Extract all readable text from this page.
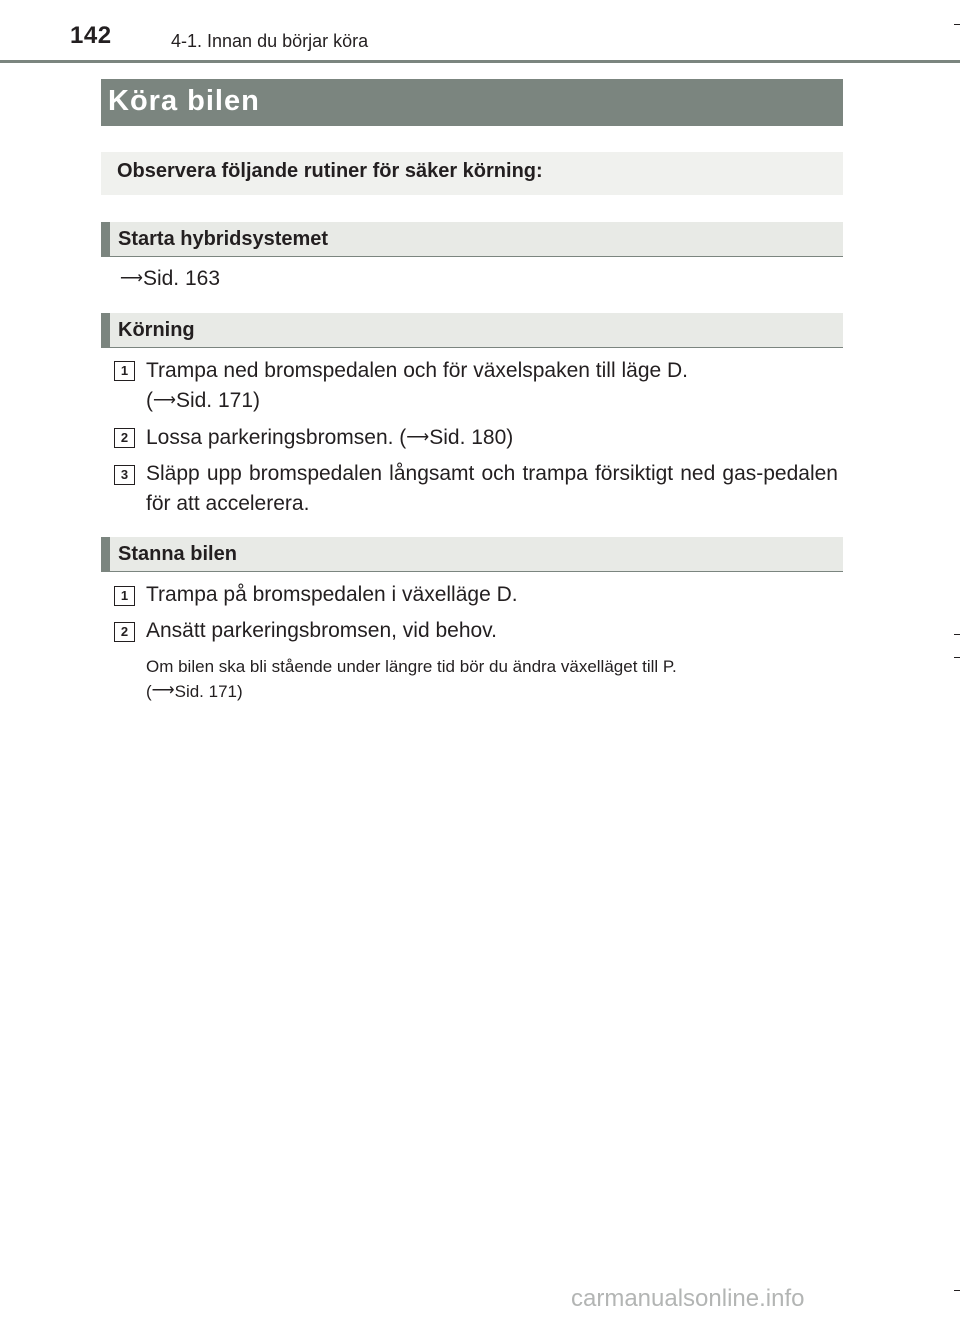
142	4-1. Innan du börjar köra
Köra bilen
Observera följande rutiner för säker körning:
Starta hybridsystemet
⟶Sid. 163
Körning
1 Trampa ned bromspedalen och för växelspaken till läge D.
(⟶Sid. 171)
2 Lossa parkeringsbromsen. (⟶Sid. 180)
3 Släpp upp bromspedalen långsamt och trampa försiktigt ned gas-pedalen för att accelerera.
Stanna bilen
1 Trampa på bromspedalen i växelläge D.
2 Ansätt parkeringsbromsen, vid behov.
Om bilen ska bli stående under längre tid bör du ändra växelläget till P.
(⟶Sid. 171)
carmanualsonline.info
